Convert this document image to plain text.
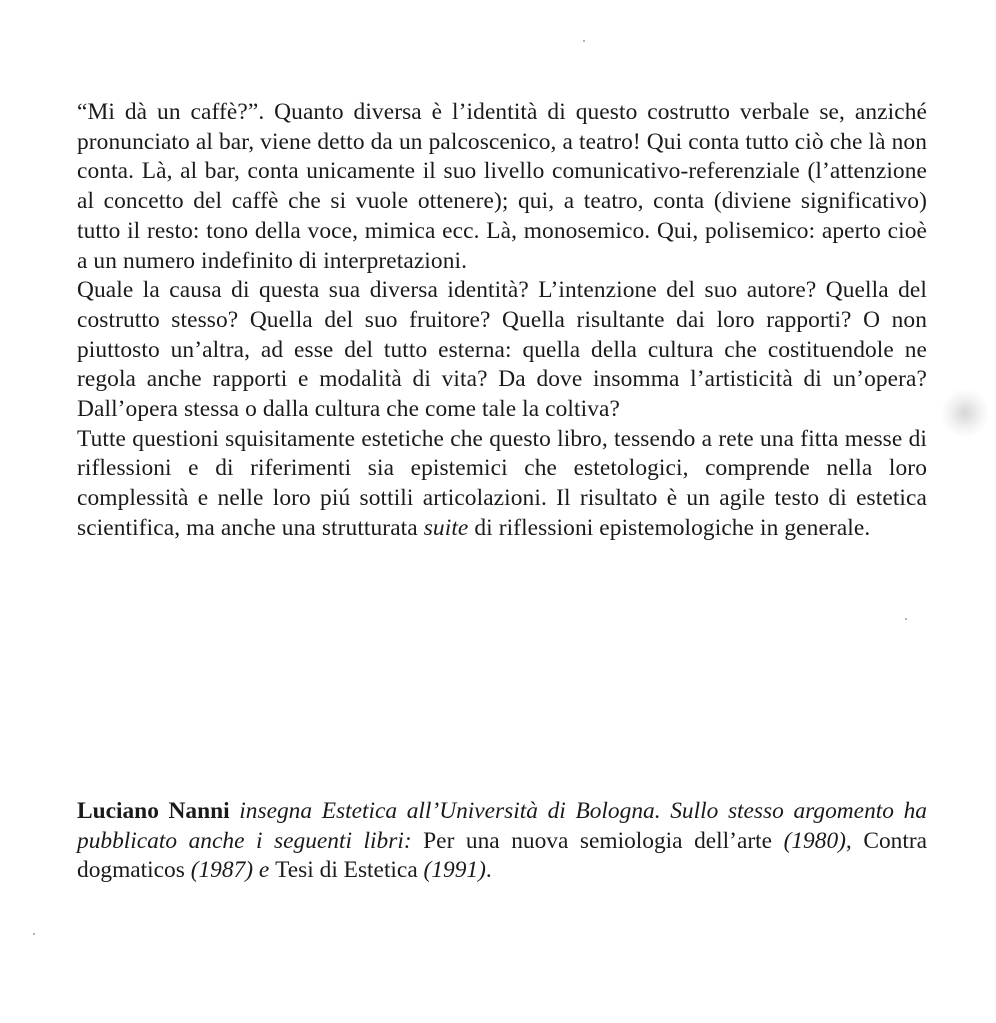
“Mi dà un caffè?”. Quanto diversa è l’identità di questo costrutto verbale se, anziché pronunciato al bar, viene detto da un palcoscenico, a teatro! Qui conta tutto ciò che là non conta. Là, al bar, conta unicamente il suo livello comunicativo-referenziale (l’attenzione al concetto del caffè che si vuole ottenere); qui, a teatro, conta (diviene significativo) tutto il resto: tono della voce, mimica ecc. Là, monosemico. Qui, polisemico: aperto cioè a un numero indefinito di interpretazioni.

Quale la causa di questa sua diversa identità? L’intenzione del suo autore? Quella del costrutto stesso? Quella del suo fruitore? Quella risultante dai loro rapporti? O non piuttosto un’altra, ad esse del tutto esterna: quella della cultura che costituendole ne regola anche rapporti e modalità di vita? Da dove insomma l’artisticità di un’opera? Dall’opera stessa o dalla cultura che come tale la coltiva?

Tutte questioni squisitamente estetiche che questo libro, tessendo a rete una fitta messe di riflessioni e di riferimenti sia epistemici che estetologici, comprende nella loro complessità e nelle loro piú sottili articolazioni. Il risultato è un agile testo di estetica scientifica, ma anche una strutturata suite di riflessioni epistemologiche in generale.

Luciano Nanni insegna Estetica all’Università di Bologna. Sullo stesso argomento ha pubblicato anche i seguenti libri: Per una nuova semiologia dell’arte (1980), Contra dogmaticos (1987) e Tesi di Estetica (1991).
